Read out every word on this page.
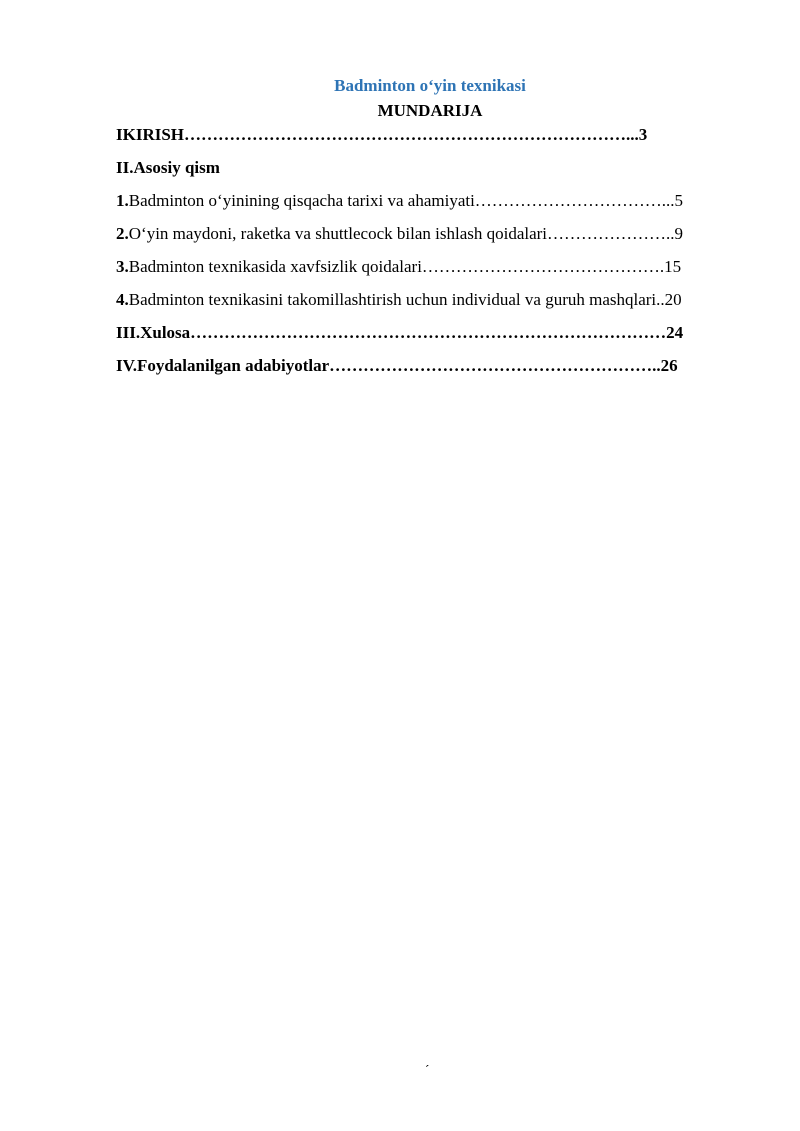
Badminton o‘yin texnikasi
MUNDARIJA
IKIRISH……………………………………………………………………...3
II.Asosiy qism
1.Badminton o‘yinining qisqacha tarixi va ahamiyati……………………………...5
2.O‘yin maydoni, raketka va shuttlecock bilan ishlash qoidalari…………………..9
3.Badminton texnikasida xavfsizlik qoidalari…………………………………….15
4.Badminton texnikasini takomillashtirish uchun individual va guruh mashqlari..20
III.Xulosa…………………………………………………………………………24
IV.Foydalanilgan adabiyotlar…………………………………………………..26
´
